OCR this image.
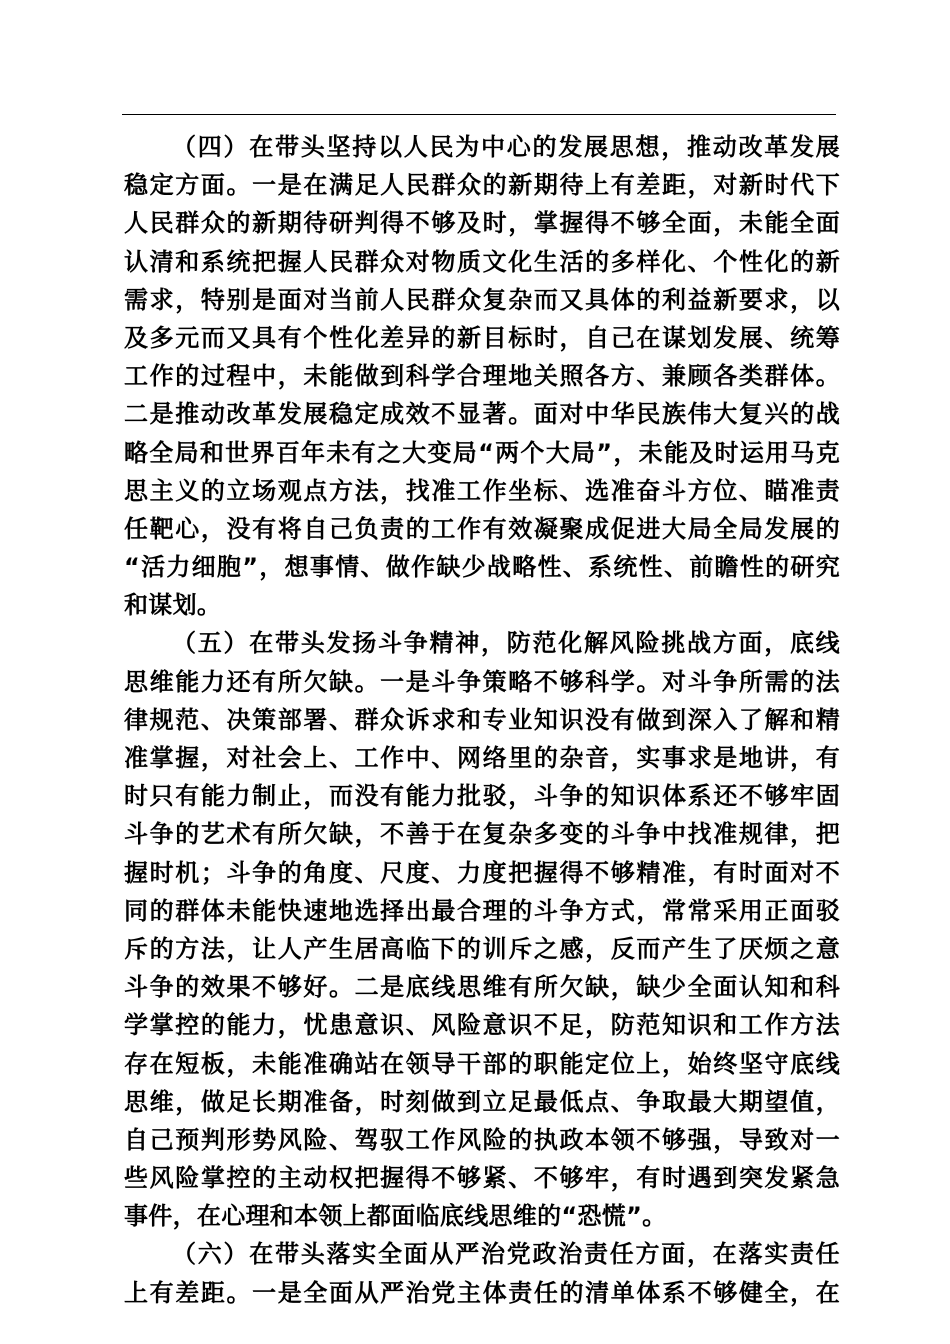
（四）在带头坚持以人民为中心的发展思想，推动改革发展
稳定方面。一是在满足人民群众的新期待上有差距，对新时代下
人民群众的新期待研判得不够及时，掌握得不够全面，未能全面
认清和系统把握人民群众对物质文化生活的多样化、个性化的新
需求，特别是面对当前人民群众复杂而又具体的利益新要求，以
及多元而又具有个性化差异的新目标时，自己在谋划发展、统筹
工作的过程中，未能做到科学合理地关照各方、兼顾各类群体。
二是推动改革发展稳定成效不显著。面对中华民族伟大复兴的战
略全局和世界百年未有之大变局“两个大局”，未能及时运用马克
思主义的立场观点方法，找准工作坐标、选准奋斗方位、瞄准责
任靶心，没有将自己负责的工作有效凝聚成促进大局全局发展的
“活力细胞”，想事情、做作缺少战略性、系统性、前瞻性的研究
和谋划。
（五）在带头发扬斗争精神，防范化解风险挑战方面，底线
思维能力还有所欠缺。一是斗争策略不够科学。对斗争所需的法
律规范、决策部署、群众诉求和专业知识没有做到深入了解和精
准掌握，对社会上、工作中、网络里的杂音，实事求是地讲，有
时只有能力制止，而没有能力批驳，斗争的知识体系还不够牢固
斗争的艺术有所欠缺，不善于在复杂多变的斗争中找准规律，把
握时机；斗争的角度、尺度、力度把握得不够精准，有时面对不
同的群体未能快速地选择出最合理的斗争方式，常常采用正面驳
斥的方法，让人产生居高临下的训斥之感，反而产生了厌烦之意
斗争的效果不够好。二是底线思维有所欠缺，缺少全面认知和科
学掌控的能力，忧患意识、风险意识不足，防范知识和工作方法
存在短板，未能准确站在领导干部的职能定位上，始终坚守底线
思维，做足长期准备，时刻做到立足最低点、争取最大期望值，
自己预判形势风险、驾驭工作风险的执政本领不够强，导致对一
些风险掌控的主动权把握得不够紧、不够牢，有时遇到突发紧急
事件，在心理和本领上都面临底线思维的“恐慌”。
（六）在带头落实全面从严治党政治责任方面，在落实责任
上有差距。一是全面从严治党主体责任的清单体系不够健全，在
